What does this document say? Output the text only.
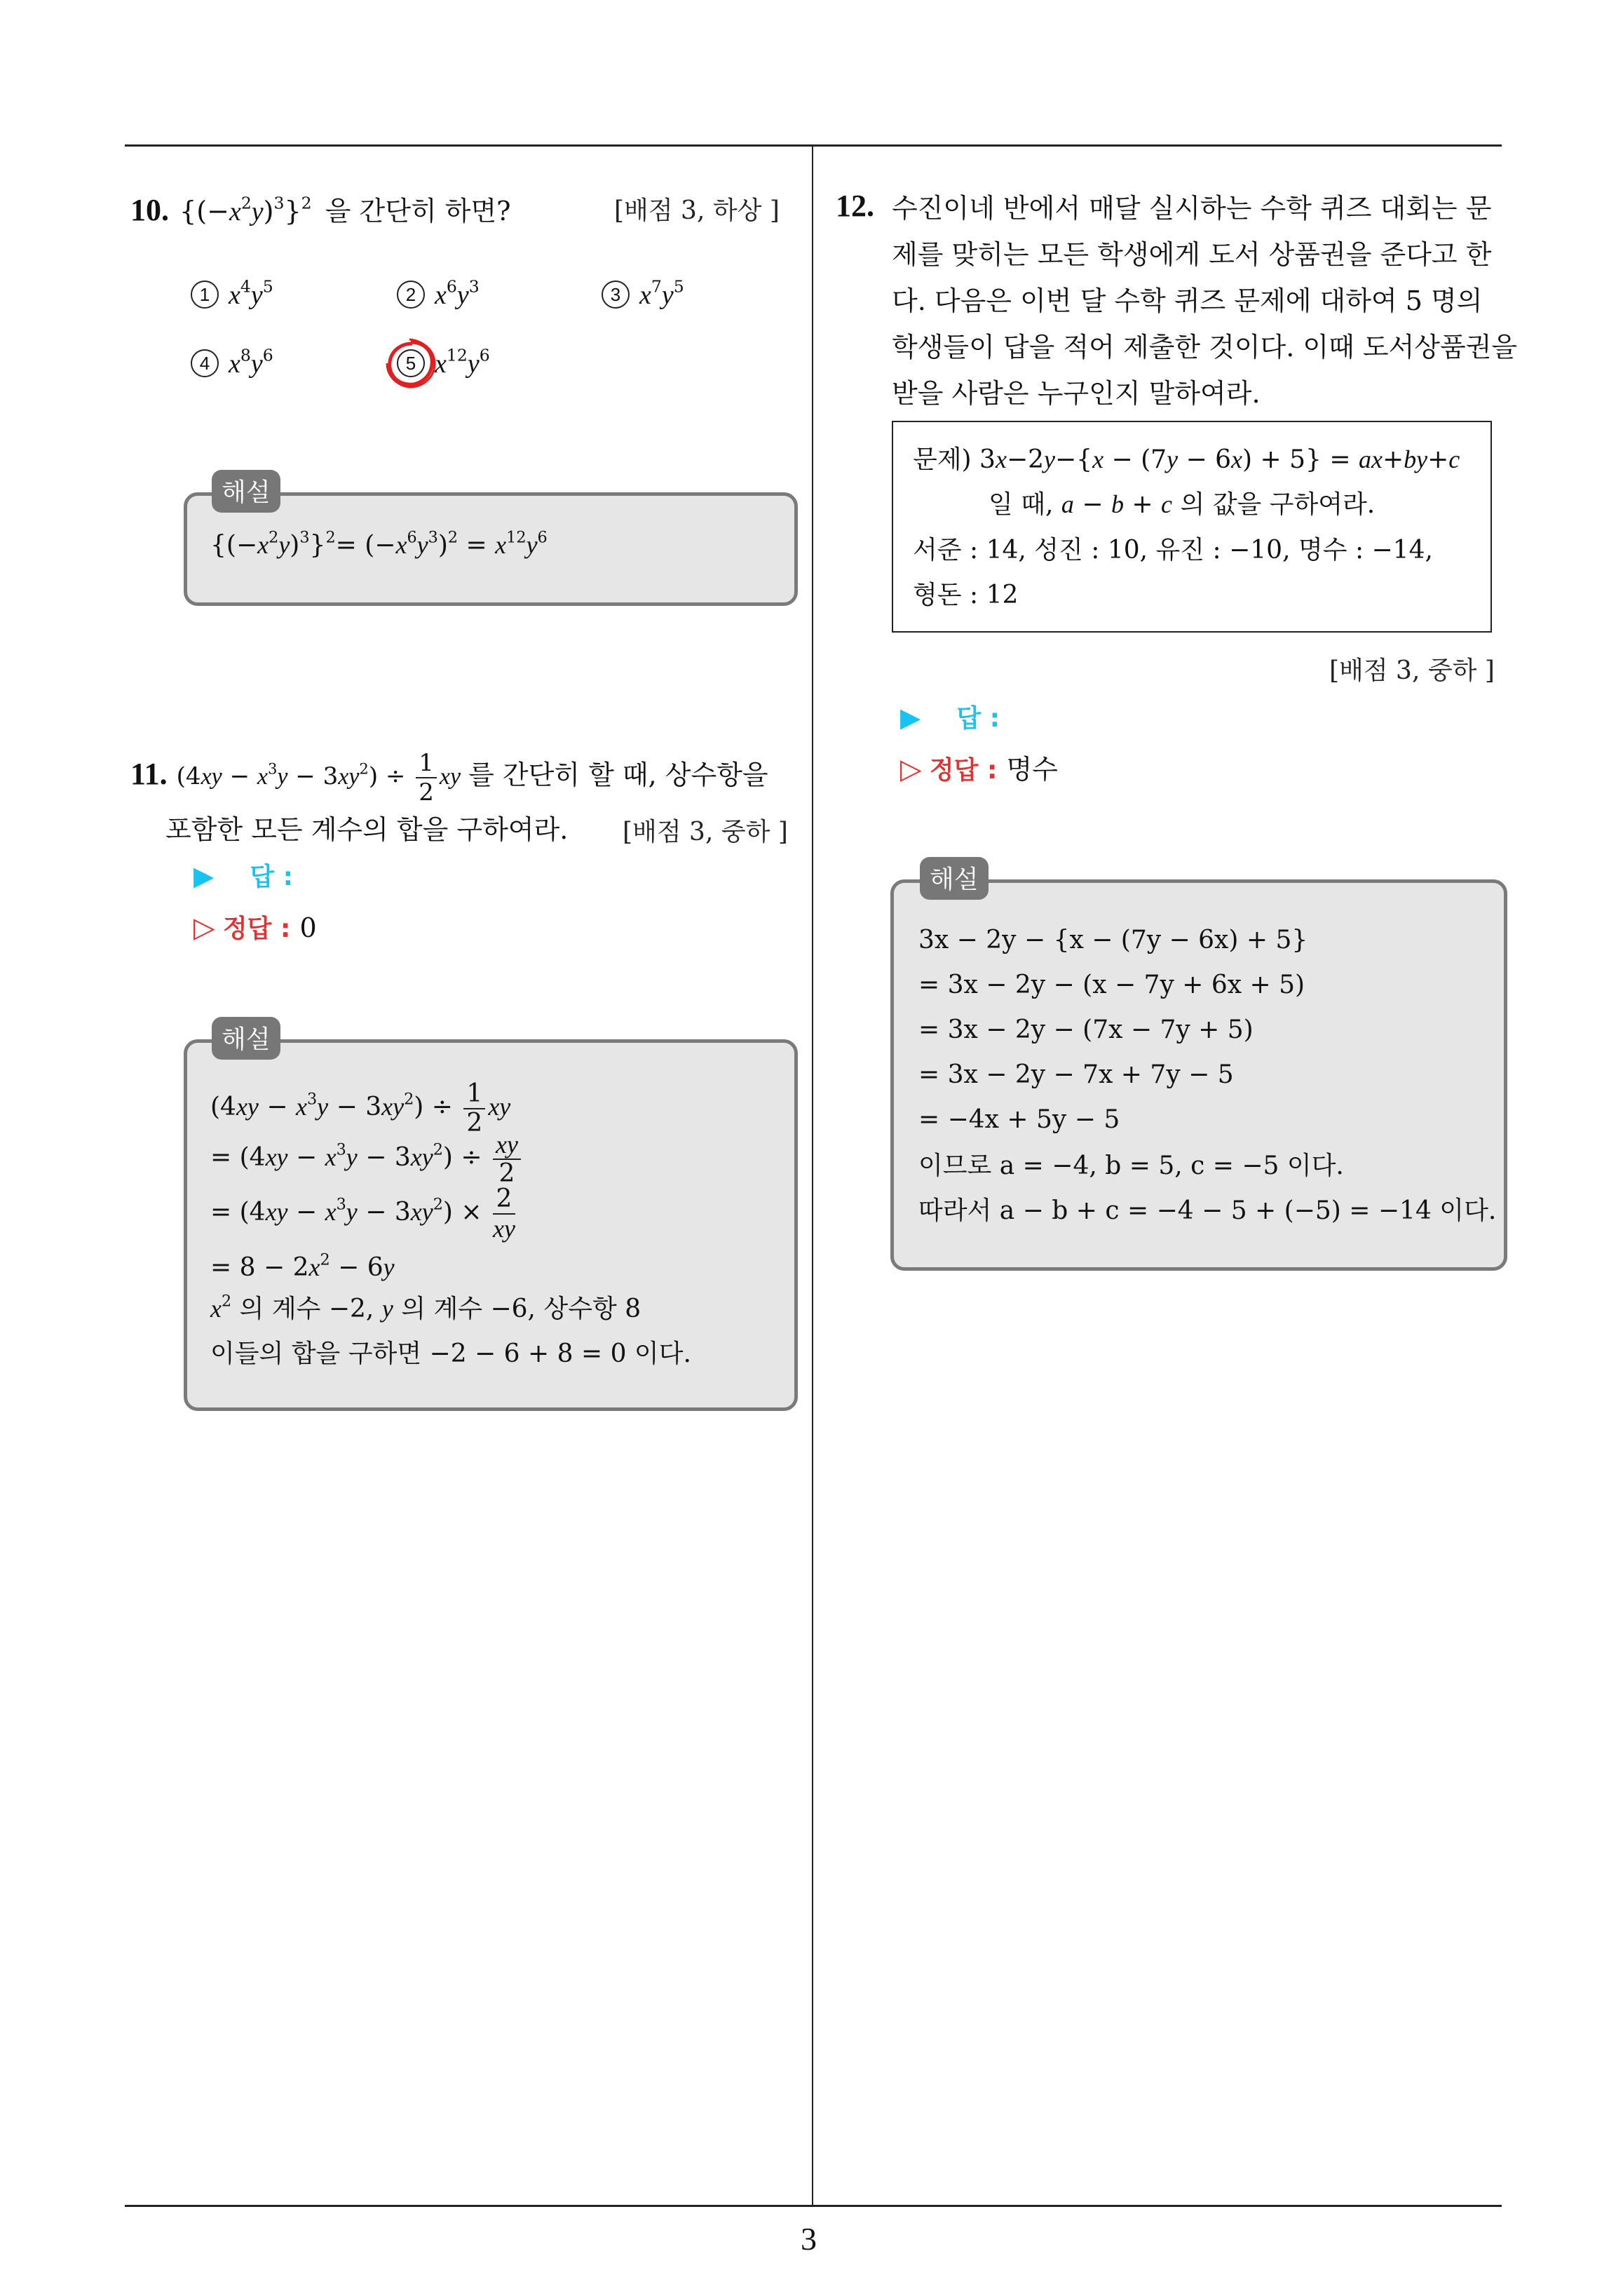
3
10. $\{(-x^2y)^3\}^2$ 을 간단히 하면?	[배점 3, 하상 ]
1 $x^4y^5$	2 $x^6y^3$	3 $x^7y^5$
4 $x^8y^6$	5 $x^{12}y^6$
해설
$\{(-x^2y)^3\}^2= (-x^6y^3)^2 = x^{12}y^6$
11. $(4xy - x^3y - 3xy^2) \div \frac{1}{2}$ xy 를 간단히 할 때, 상수항을
포함한 모든 계수의 합을 구하여라. [배점 3, 중하 ]
▶ 답 :
▷ 정답 : 0
해설
$(4xy - x^3y - 3xy^2) \div \frac{1}{2}$ xy
= $(4xy - x^3y - 3xy^2) \div \frac{xy}{2}$
= $(4xy - x^3y - 3xy^2) \times \frac{2}{xy}$
= $8 - 2x^2 - 6y$
$x^2$ 의 계수 −2, y 의 계수 −6, 상수항 8
이들의 합을 구하면 −2 − 6 + 8 = 0 이다.
12. 수진이네 반에서 매달 실시하는 수학 퀴즈 대회는 문
제를 맞히는 모든 학생에게 도서 상품권을 준다고 한
다. 다음은 이번 달 수학 퀴즈 문제에 대하여 5 명의
학생들이 답을 적어 제출한 것이다. 이때 도서상품권을
받을 사람은 누구인지 말하여라.
문제) 3x−2y−{x − (7y − 6x) + 5} = ax+by+c
일 때, a − b + c 의 값을 구하여라.
서준 : 14, 성진 : 10, 유진 : −10, 명수 : −14,
형돈 : 12
[배점 3, 중하 ]
▶ 답 :
▷ 정답 : 명수
해설
3x − 2y − {x − (7y − 6x) + 5}
= 3x − 2y − (x − 7y + 6x + 5)
= 3x − 2y − (7x − 7y + 5)
= 3x − 2y − 7x + 7y − 5
= −4x + 5y − 5
이므로 a = −4, b = 5, c = −5 이다.
따라서 a − b + c = −4 − 5 + (−5) = −14 이다.
